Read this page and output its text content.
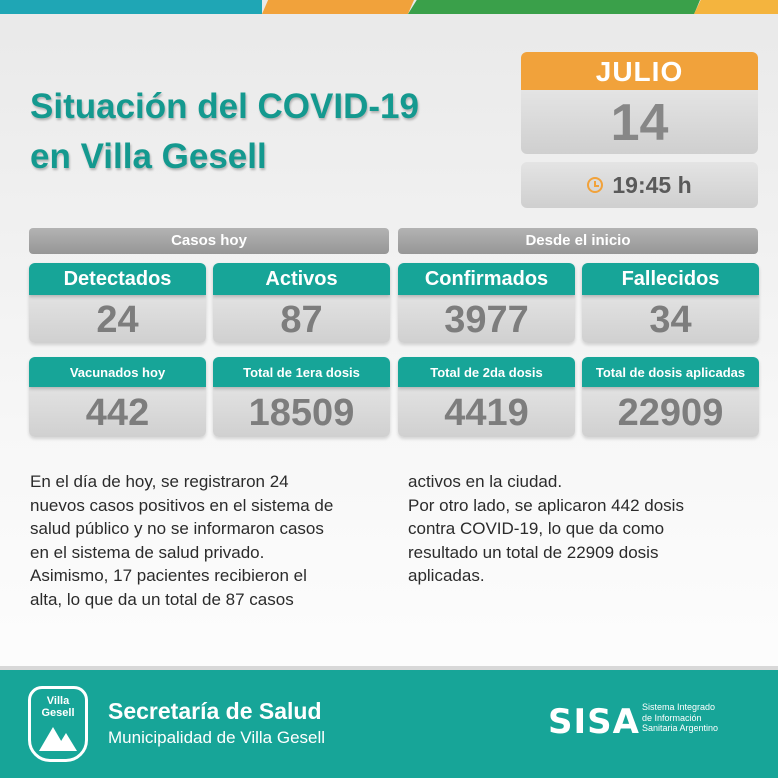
Situación del COVID-19
en Villa Gesell
JULIO
14
19:45 h
Casos hoy	Desde el inicio
Detectados
24
Activos
87
Confirmados
3977
Fallecidos
34
Vacunados hoy
442
Total de 1era dosis
18509
Total de 2da dosis
4419
Total de dosis aplicadas
22909
En el día de hoy, se registraron 24
nuevos casos positivos en el sistema de
salud público y no se informaron casos
en el sistema de salud privado.
Asimismo, 17 pacientes recibieron el
alta, lo que da un total de 87 casos
activos en la ciudad.
Por otro lado, se aplicaron 442 dosis
contra COVID-19, lo que da como
resultado un total de 22909 dosis
aplicadas.
Villa
Gesell	Secretaría de Salud
Municipalidad de Villa Gesell	SISA Sistema Integrado
de Información
Sanitaria Argentino
